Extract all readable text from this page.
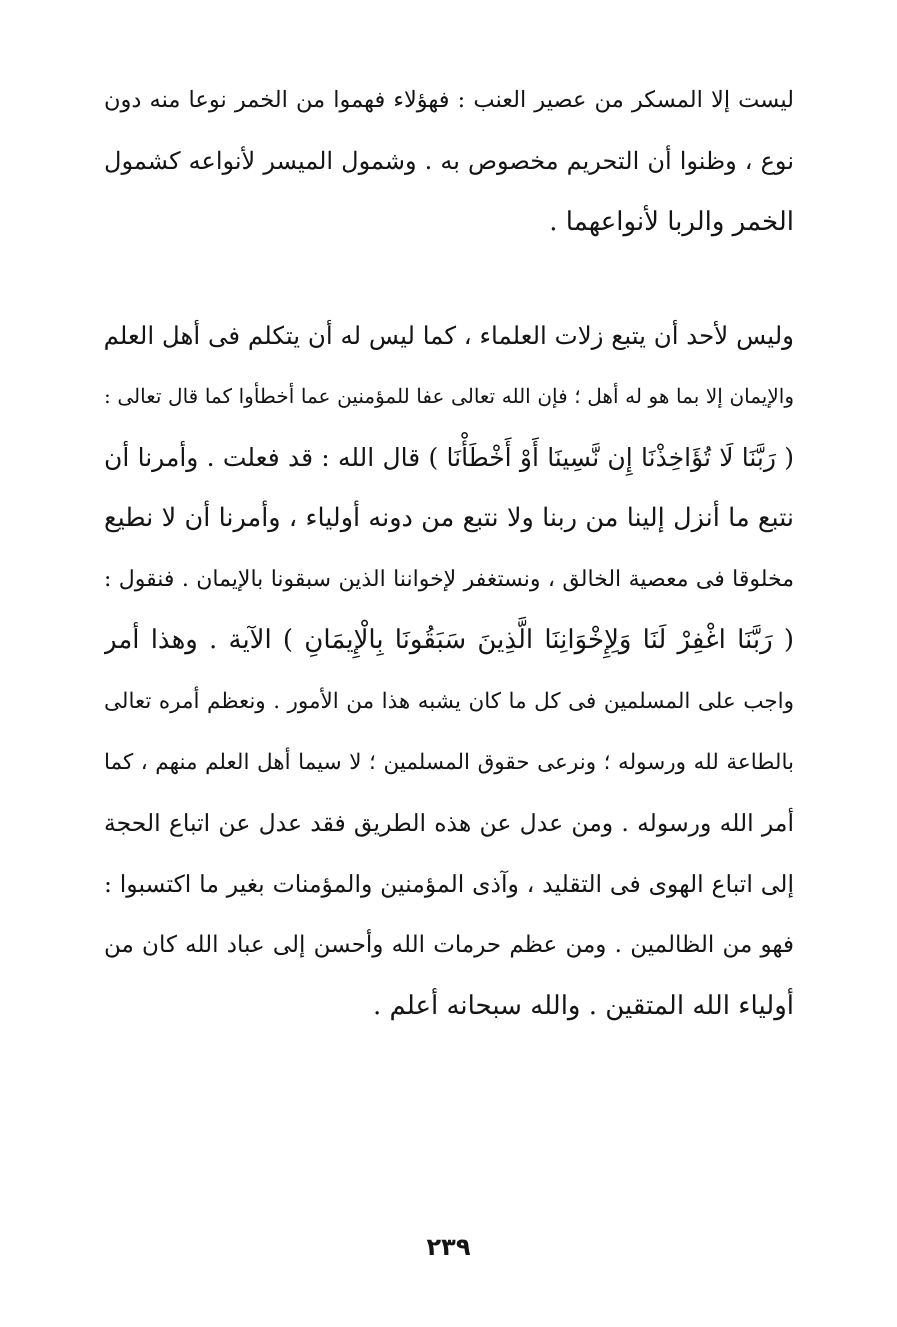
ليست إلا المسكر من عصير العنب : فهؤلاء فهموا من الخمر نوعا منه دون
نوع ، وظنوا أن التحريم مخصوص به . وشمول الميسر لأنواعه كشمول
الخمر والربا لأنواعهما .
وليس لأحد أن يتبع زلات العلماء ، كما ليس له أن يتكلم فى أهل العلم
والإيمان إلا بما هو له أهل ؛ فإن الله تعالى عفا للمؤمنين عما أخطأوا كما قال تعالى :
( رَبَّنَا لَا تُؤَاخِذْنَا إِن نَّسِينَا أَوْ أَخْطَأْنَا ) قال الله : قد فعلت . وأمرنا أن
نتبع ما أنزل إلينا من ربنا ولا نتبع من دونه أولياء ، وأمرنا أن لا نطيع
مخلوقا فى معصية الخالق ، ونستغفر لإخواننا الذين سبقونا بالإيمان . فنقول :
( رَبَّنَا اغْفِرْ لَنَا وَلِإِخْوَانِنَا الَّذِينَ سَبَقُونَا بِالْإِيمَانِ ) الآية . وهذا أمر
واجب على المسلمين فى كل ما كان يشبه هذا من الأمور . ونعظم أمره تعالى
بالطاعة لله ورسوله ؛ ونرعى حقوق المسلمين ؛ لا سيما أهل العلم منهم ، كما
أمر الله ورسوله . ومن عدل عن هذه الطريق فقد عدل عن اتباع الحجة
إلى اتباع الهوى فى التقليد ، وآذى المؤمنين والمؤمنات بغير ما اكتسبوا :
فهو من الظالمين . ومن عظم حرمات الله وأحسن إلى عباد الله كان من
أولياء الله المتقين . والله سبحانه أعلم .
٢٣٩
